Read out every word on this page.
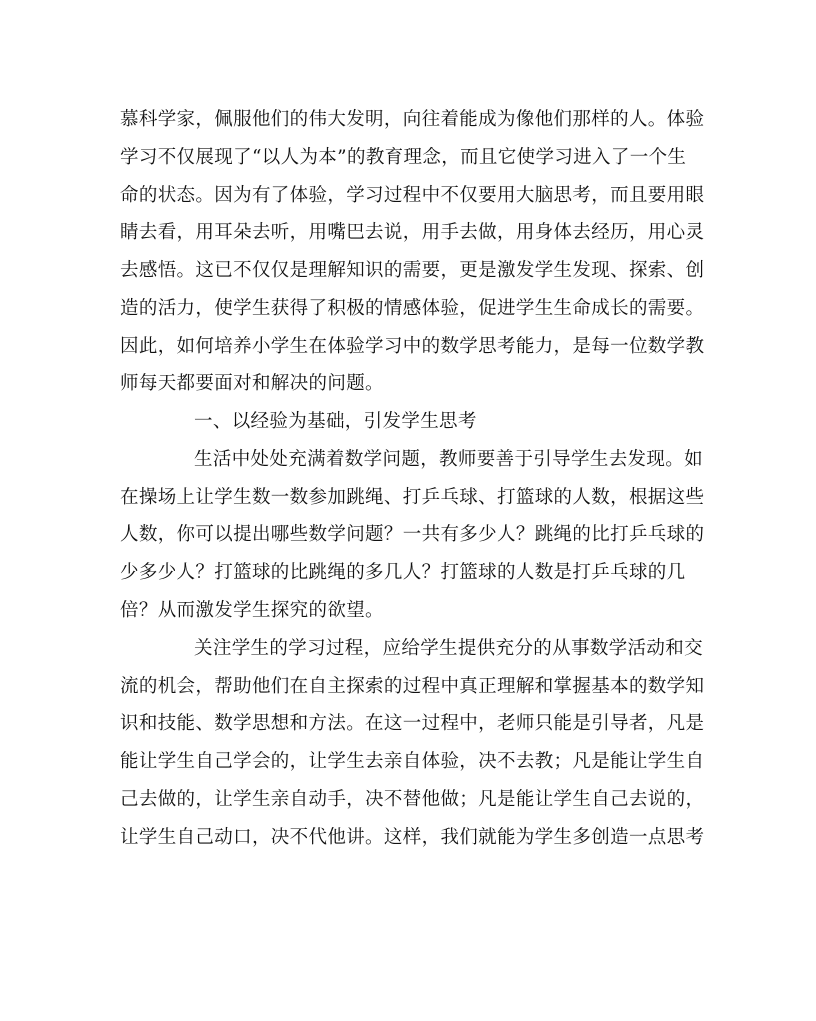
慕科学家，佩服他们的伟大发明，向往着能成为像他们那样的人。体验
学习不仅展现了“以人为本”的教育理念，而且它使学习进入了一个生
命的状态。因为有了体验，学习过程中不仅要用大脑思考，而且要用眼
睛去看，用耳朵去听，用嘴巴去说，用手去做，用身体去经历，用心灵
去感悟。这已不仅仅是理解知识的需要，更是激发学生发现、探索、创
造的活力，使学生获得了积极的情感体验，促进学生生命成长的需要。
因此，如何培养小学生在体验学习中的数学思考能力，是每一位数学教
师每天都要面对和解决的问题。
一、以经验为基础，引发学生思考
生活中处处充满着数学问题，教师要善于引导学生去发现。如
在操场上让学生数一数参加跳绳、打乒乓球、打篮球的人数，根据这些
人数，你可以提出哪些数学问题？一共有多少人？跳绳的比打乒乓球的
少多少人？打篮球的比跳绳的多几人？打篮球的人数是打乒乓球的几
倍？从而激发学生探究的欲望。
关注学生的学习过程，应给学生提供充分的从事数学活动和交
流的机会，帮助他们在自主探索的过程中真正理解和掌握基本的数学知
识和技能、数学思想和方法。在这一过程中，老师只能是引导者，凡是
能让学生自己学会的，让学生去亲自体验，决不去教；凡是能让学生自
己去做的，让学生亲自动手，决不替他做；凡是能让学生自己去说的，
让学生自己动口，决不代他讲。这样，我们就能为学生多创造一点思考
